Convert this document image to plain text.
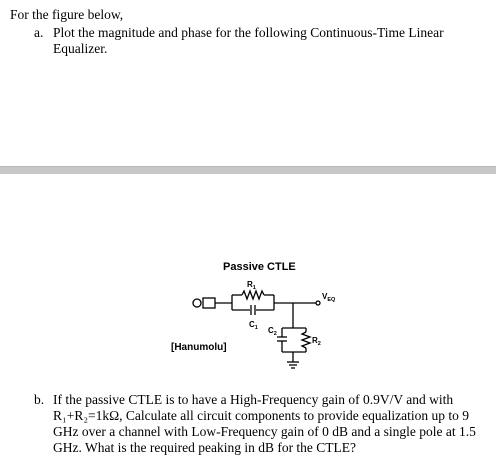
For the figure below,
a. Plot the magnitude and phase for the following Continuous-Time Linear Equalizer.
Passive CTLE
[Hanumolu]
$R_1$
$C_1$ $C_2$
$R_2$
$V_{EQ}$
b. If the passive CTLE is to have a High-Frequency gain of 0.9V/V and with R₁+R₂=1kΩ, Calculate all circuit components to provide equalization up to 9 GHz over a channel with Low-Frequency gain of 0 dB and a single pole at 1.5 GHz. What is the required peaking in dB for the CTLE?
